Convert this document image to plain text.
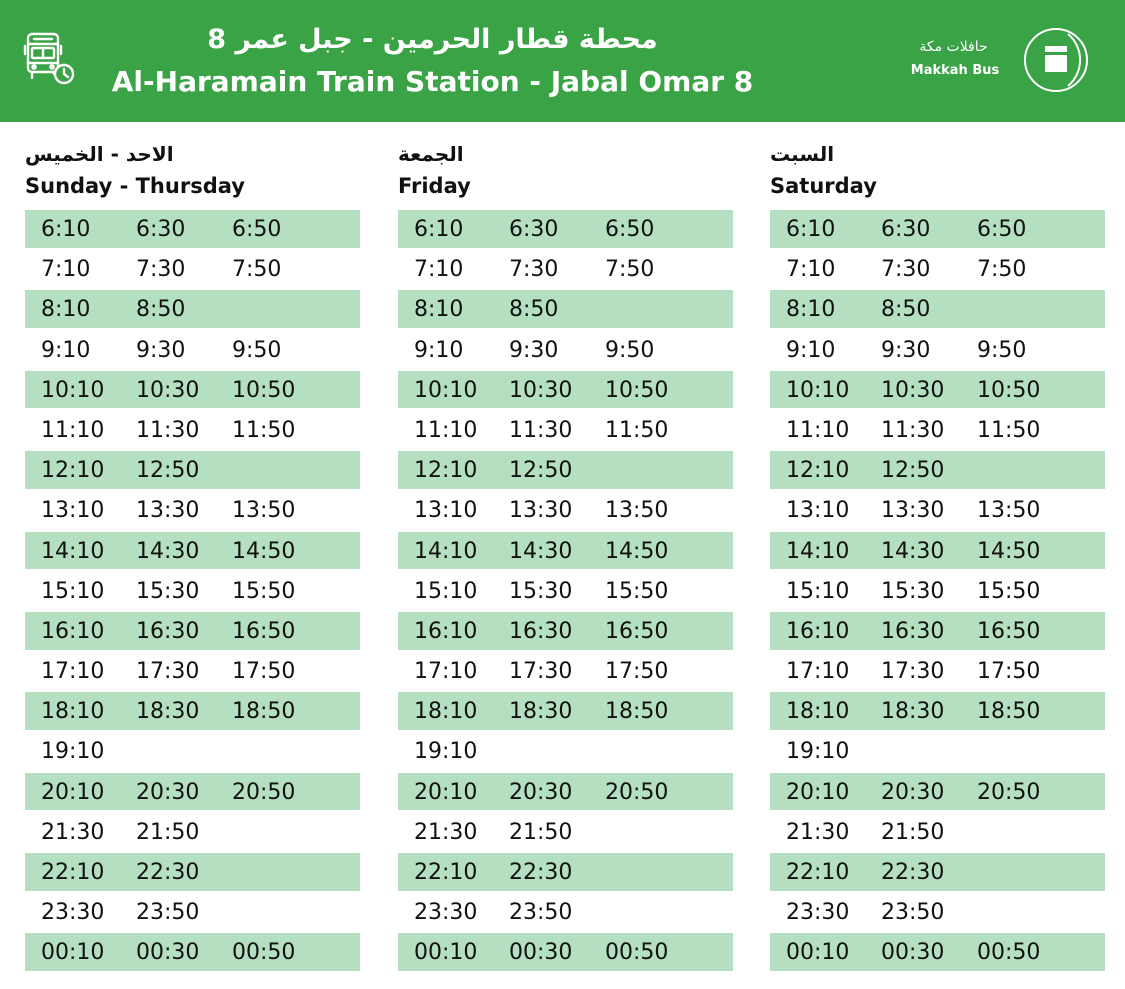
محطة قطار الحرمين - جبل عمر 8
Al-Haramain Train Station - Jabal Omar 8
حافلات مكة
Makkah Bus
الاحد - الخميس
Sunday - Thursday
6:10 6:30 6:50
7:10 7:30 7:50
8:10 8:50
9:10 9:30 9:50
10:10 10:30 10:50
11:10 11:30 11:50
12:10 12:50
13:10 13:30 13:50
14:10 14:30 14:50
15:10 15:30 15:50
16:10 16:30 16:50
17:10 17:30 17:50
18:10 18:30 18:50
19:10
20:10 20:30 20:50
21:30 21:50
22:10 22:30
23:30 23:50
00:10 00:30 00:50
الجمعة
Friday
6:10 6:30 6:50
7:10 7:30 7:50
8:10 8:50
9:10 9:30 9:50
10:10 10:30 10:50
11:10 11:30 11:50
12:10 12:50
13:10 13:30 13:50
14:10 14:30 14:50
15:10 15:30 15:50
16:10 16:30 16:50
17:10 17:30 17:50
18:10 18:30 18:50
19:10
20:10 20:30 20:50
21:30 21:50
22:10 22:30
23:30 23:50
00:10 00:30 00:50
السبت
Saturday
6:10 6:30 6:50
7:10 7:30 7:50
8:10 8:50
9:10 9:30 9:50
10:10 10:30 10:50
11:10 11:30 11:50
12:10 12:50
13:10 13:30 13:50
14:10 14:30 14:50
15:10 15:30 15:50
16:10 16:30 16:50
17:10 17:30 17:50
18:10 18:30 18:50
19:10
20:10 20:30 20:50
21:30 21:50
22:10 22:30
23:30 23:50
00:10 00:30 00:50
